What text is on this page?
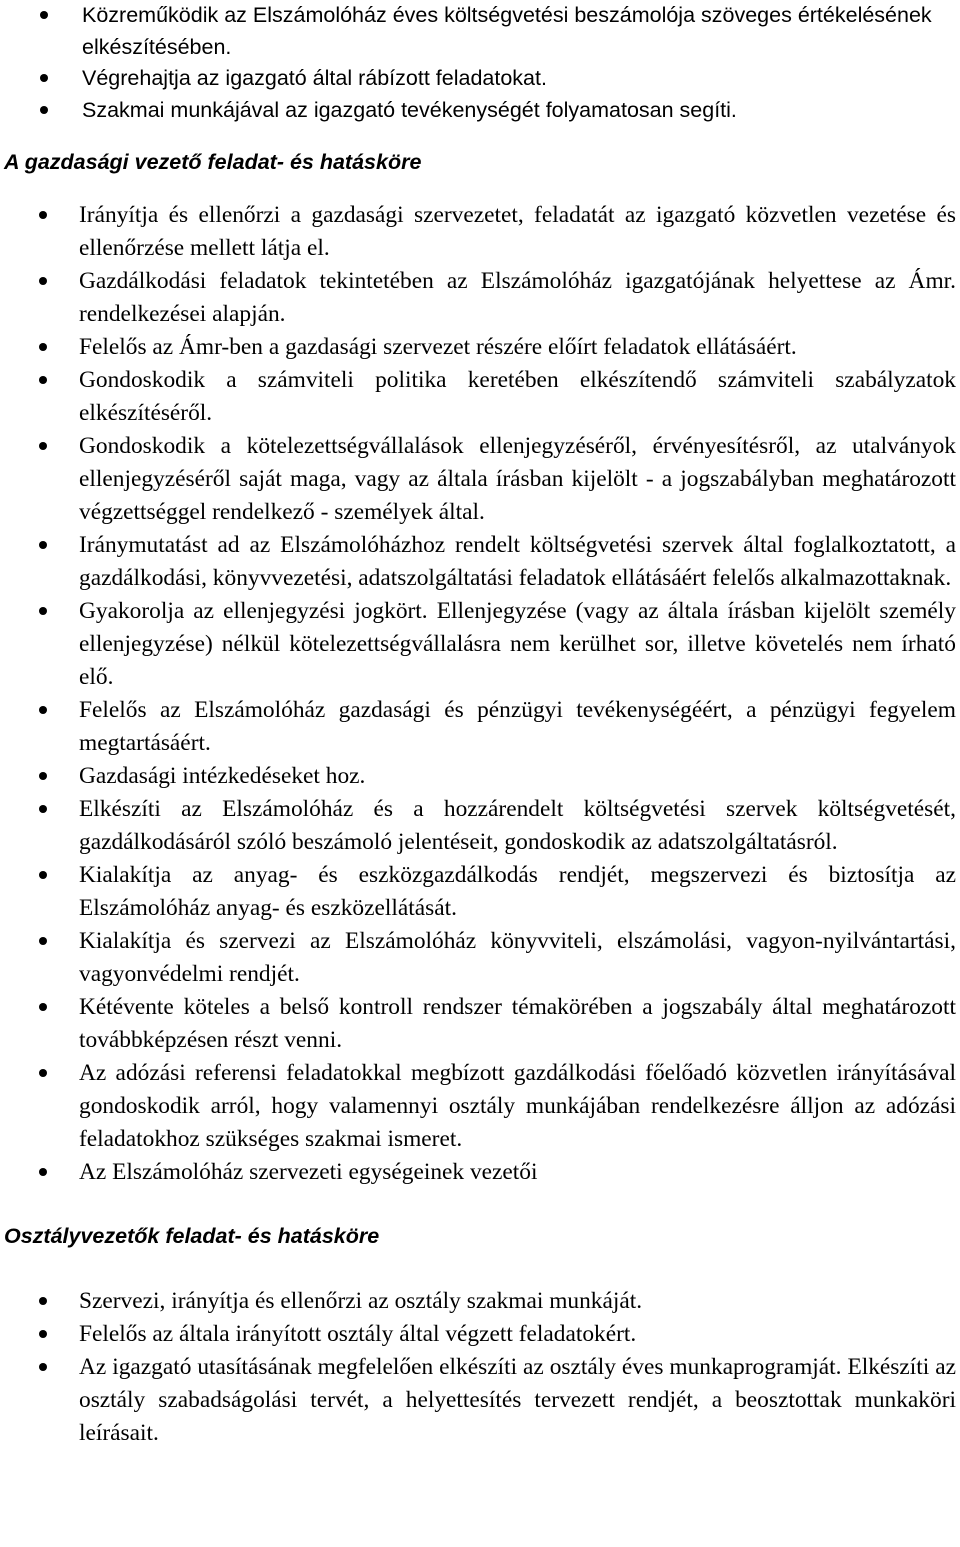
Közreműködik az Elszámolóház éves költségvetési beszámolója szöveges értékelésének elkészítésében.
Végrehajtja az igazgató által rábízott feladatokat.
Szakmai munkájával az igazgató tevékenységét folyamatosan segíti.
A gazdasági vezető feladat- és hatásköre
Irányítja és ellenőrzi a gazdasági szervezetet, feladatát az igazgató közvetlen vezetése és ellenőrzése mellett látja el.
Gazdálkodási feladatok tekintetében az Elszámolóház igazgatójának helyettese az Ámr. rendelkezései alapján.
Felelős az Ámr-ben a gazdasági szervezet részére előírt feladatok ellátásáért.
Gondoskodik a számviteli politika keretében elkészítendő számviteli szabályzatok elkészítéséről.
Gondoskodik a kötelezettségvállalások ellenjegyzéséről, érvényesítésről, az utalványok ellenjegyzéséről saját maga, vagy az általa írásban kijelölt - a jogszabályban meghatározott végzettséggel rendelkező - személyek által.
Iránymutatást ad az Elszámolóházhoz rendelt költségvetési szervek által foglalkoztatott, a gazdálkodási, könyvvezetési, adatszolgáltatási feladatok ellátásáért felelős alkalmazottaknak.
Gyakorolja az ellenjegyzési jogkört. Ellenjegyzése (vagy az általa írásban kijelölt személy ellenjegyzése) nélkül kötelezettségvállalásra nem kerülhet sor, illetve követelés nem írható elő.
Felelős az Elszámolóház gazdasági és pénzügyi tevékenységéért, a pénzügyi fegyelem megtartásáért.
Gazdasági intézkedéseket hoz.
Elkészíti az Elszámolóház és a hozzárendelt költségvetési szervek költségvetését, gazdálkodásáról szóló beszámoló jelentéseit, gondoskodik az adatszolgáltatásról.
Kialakítja az anyag- és eszközgazdálkodás rendjét, megszervezi és biztosítja az Elszámolóház anyag- és eszközellátását.
Kialakítja és szervezi az Elszámolóház könyvviteli, elszámolási, vagyon-nyilvántartási, vagyonvédelmi rendjét.
Kétévente köteles a belső kontroll rendszer témakörében a jogszabály által meghatározott továbbképzésen részt venni.
Az adózási referensi feladatokkal megbízott gazdálkodási főelőadó közvetlen irányításával gondoskodik arról, hogy valamennyi osztály munkájában rendelkezésre álljon az adózási feladatokhoz szükséges szakmai ismeret.
Az Elszámolóház szervezeti egységeinek vezetői
Osztályvezetők feladat- és hatásköre
Szervezi, irányítja és ellenőrzi az osztály szakmai munkáját.
Felelős az általa irányított osztály által végzett feladatokért.
Az igazgató utasításának megfelelően elkészíti az osztály éves munkaprogramját. Elkészíti az osztály szabadságolási tervét, a helyettesítés tervezett rendjét, a beosztottak munkaköri leírásait.
